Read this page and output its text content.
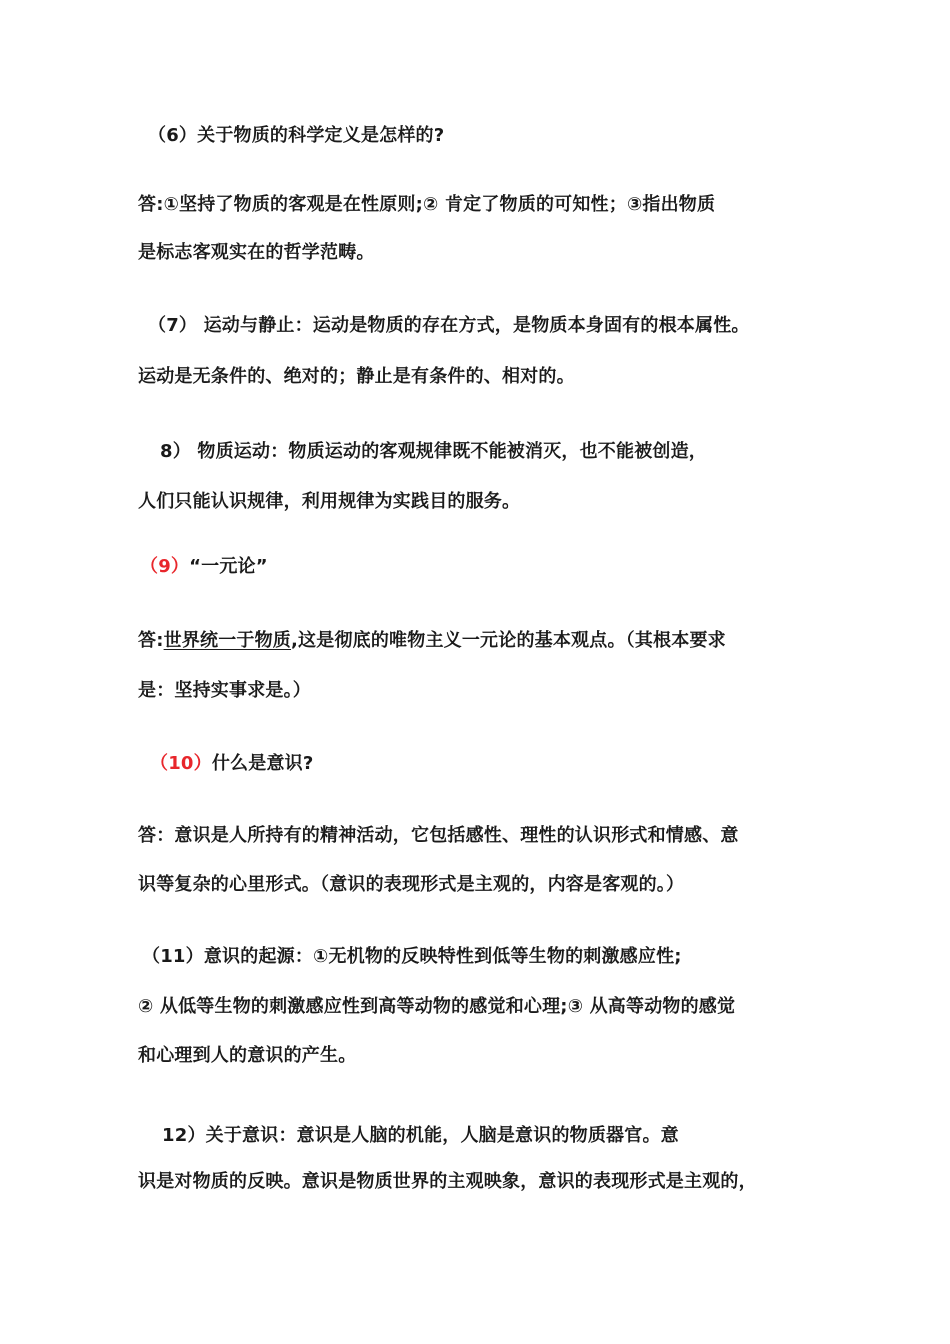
（6）关于物质的科学定义是怎样的?
答:①坚持了物质的客观是在性原则;② 肯定了物质的可知性；③指出物质
是标志客观实在的哲学范畴。
（7） 运动与静止：运动是物质的存在方式，是物质本身固有的根本属性。
运动是无条件的、绝对的；静止是有条件的、相对的。
8） 物质运动：物质运动的客观规律既不能被消灭，也不能被创造，
人们只能认识规律，利用规律为实践目的服务。
（9）“一元论”
答:世界统一于物质,这是彻底的唯物主义一元论的基本观点。（其根本要求
是：坚持实事求是。）
（10）什么是意识?
答：意识是人所持有的精神活动，它包括感性、理性的认识形式和情感、意
识等复杂的心里形式。（意识的表现形式是主观的，内容是客观的。）
（11）意识的起源：①无机物的反映特性到低等生物的刺激感应性;
② 从低等生物的刺激感应性到高等动物的感觉和心理;③ 从高等动物的感觉
和心理到人的意识的产生。
12）关于意识：意识是人脑的机能，人脑是意识的物质器官。意
识是对物质的反映。意识是物质世界的主观映象，意识的表现形式是主观的，
